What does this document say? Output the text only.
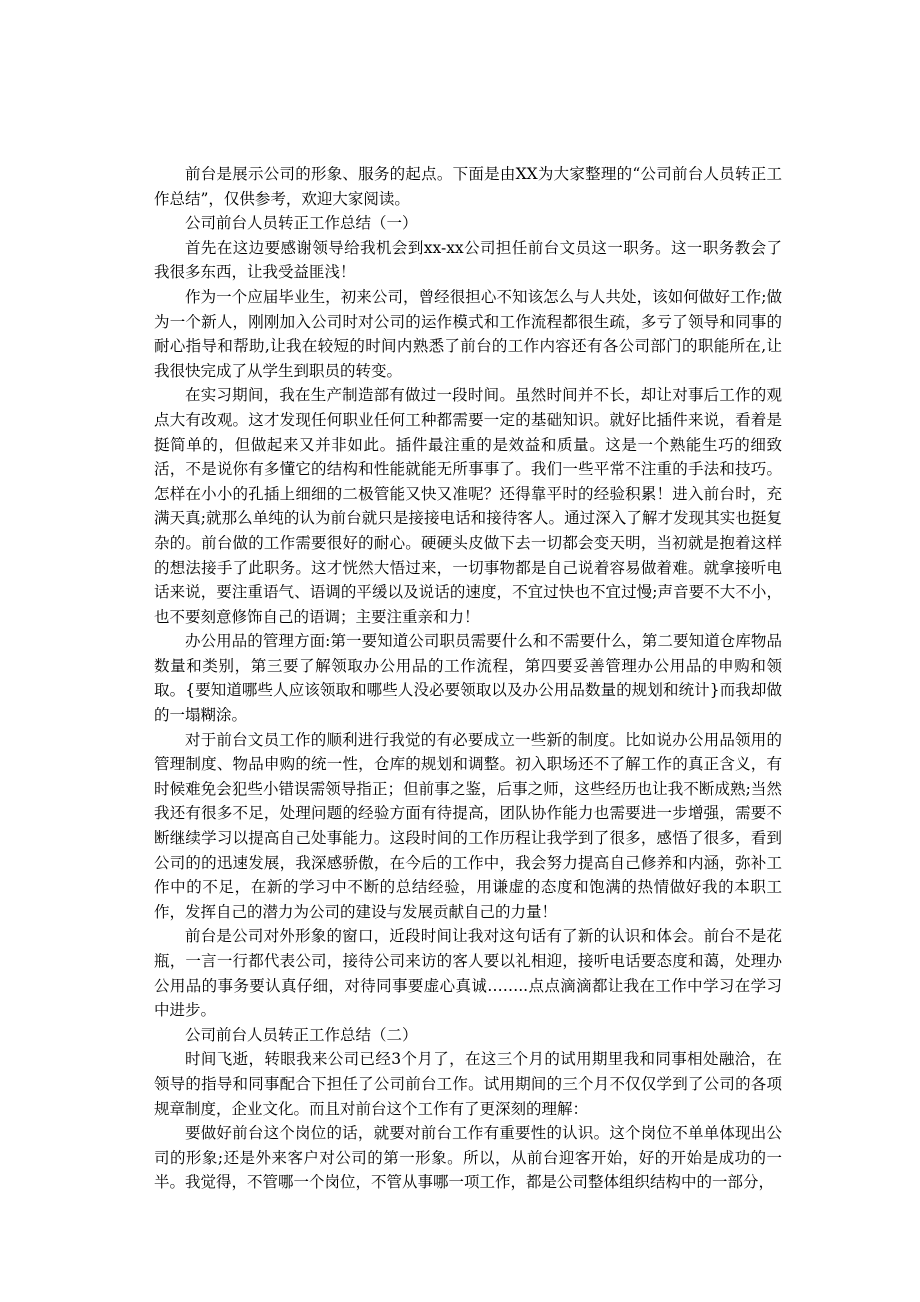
前台是展示公司的形象、服务的起点。下面是由XX为大家整理的“公司前台人员转正工作总结”，仅供参考，欢迎大家阅读。

公司前台人员转正工作总结（一）

首先在这边要感谢领导给我机会到xx-xx公司担任前台文员这一职务。这一职务教会了我很多东西，让我受益匪浅！

作为一个应届毕业生，初来公司，曾经很担心不知该怎么与人共处，该如何做好工作;做为一个新人，刚刚加入公司时对公司的运作模式和工作流程都很生疏，多亏了领导和同事的耐心指导和帮助,让我在较短的时间内熟悉了前台的工作内容还有各公司部门的职能所在,让我很快完成了从学生到职员的转变。

在实习期间，我在生产制造部有做过一段时间。虽然时间并不长，却让对事后工作的观点大有改观。这才发现任何职业任何工种都需要一定的基础知识。就好比插件来说，看着是挺简单的，但做起来又并非如此。插件最注重的是效益和质量。这是一个熟能生巧的细致活，不是说你有多懂它的结构和性能就能无所事事了。我们一些平常不注重的手法和技巧。怎样在小小的孔插上细细的二极管能又快又准呢？还得靠平时的经验积累！进入前台时，充满天真;就那么单纯的认为前台就只是接接电话和接待客人。通过深入了解才发现其实也挺复杂的。前台做的工作需要很好的耐心。硬硬头皮做下去一切都会变天明，当初就是抱着这样的想法接手了此职务。这才恍然大悟过来，一切事物都是自己说着容易做着难。就拿接听电话来说，要注重语气、语调的平缓以及说话的速度，不宜过快也不宜过慢;声音要不大不小，也不要刻意修饰自己的语调；主要注重亲和力！

办公用品的管理方面:第一要知道公司职员需要什么和不需要什么，第二要知道仓库物品数量和类别，第三要了解领取办公用品的工作流程，第四要妥善管理办公用品的申购和领取。{要知道哪些人应该领取和哪些人没必要领取以及办公用品数量的规划和统计}而我却做的一塌糊涂。

对于前台文员工作的顺利进行我觉的有必要成立一些新的制度。比如说办公用品领用的管理制度、物品申购的统一性，仓库的规划和调整。初入职场还不了解工作的真正含义，有时候难免会犯些小错误需领导指正；但前事之鉴，后事之师，这些经历也让我不断成熟;当然我还有很多不足，处理问题的经验方面有待提高，团队协作能力也需要进一步增强，需要不断继续学习以提高自己处事能力。这段时间的工作历程让我学到了很多，感悟了很多，看到公司的的迅速发展，我深感骄傲，在今后的工作中，我会努力提高自己修养和内涵，弥补工作中的不足，在新的学习中不断的总结经验，用谦虚的态度和饱满的热情做好我的本职工作，发挥自己的潜力为公司的建设与发展贡献自己的力量！

前台是公司对外形象的窗口，近段时间让我对这句话有了新的认识和体会。前台不是花瓶，一言一行都代表公司，接待公司来访的客人要以礼相迎，接听电话要态度和蔼，处理办公用品的事务要认真仔细，对待同事要虚心真诚……..点点滴滴都让我在工作中学习在学习中进步。

公司前台人员转正工作总结（二）

时间飞逝，转眼我来公司已经3个月了，在这三个月的试用期里我和同事相处融洽，在领导的指导和同事配合下担任了公司前台工作。试用期间的三个月不仅仅学到了公司的各项规章制度，企业文化。而且对前台这个工作有了更深刻的理解：

要做好前台这个岗位的话，就要对前台工作有重要性的认识。这个岗位不单单体现出公司的形象;还是外来客户对公司的第一形象。所以，从前台迎客开始，好的开始是成功的一半。我觉得，不管哪一个岗位，不管从事哪一项工作，都是公司整体组织结构中的一部分，
